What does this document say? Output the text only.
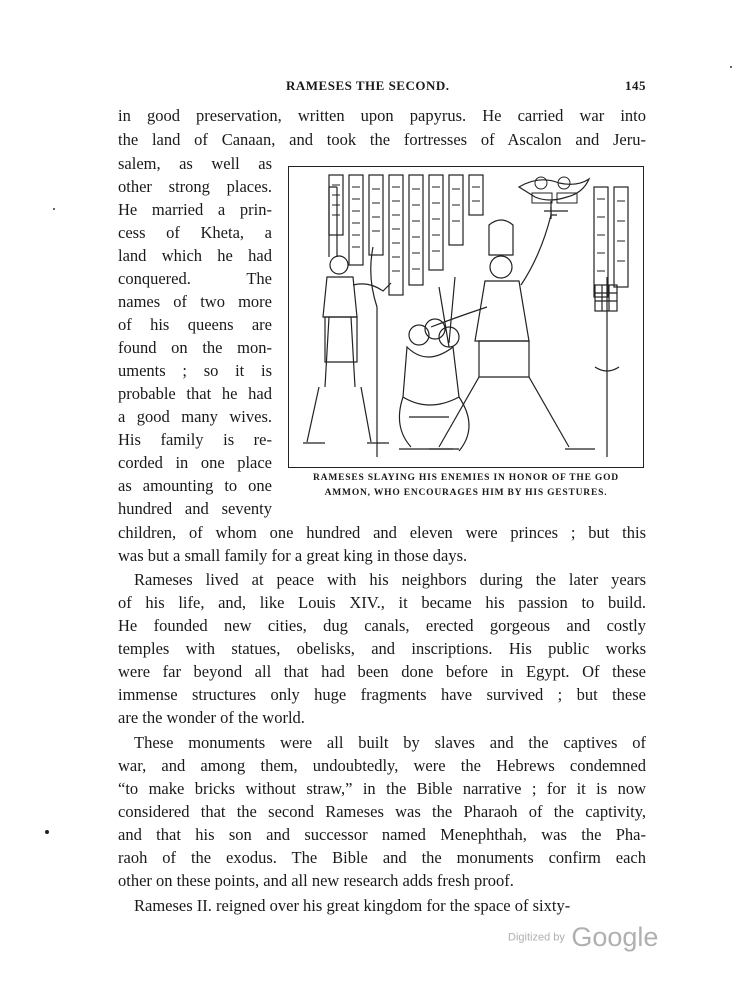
RAMESES THE SECOND.	145
in good preservation, written upon papyrus. He carried war into
the land of Canaan, and took the fortresses of Ascalon and Jeru-
salem, as well as
other strong places.
He married a prin-
cess of Kheta, a
land which he had
conquered. The
names of two more
of his queens are
found on the mon-
uments ; so it is
probable that he had
a good many wives.
His family is re-
corded in one place
as amounting to one
hundred and seventy
children, of whom one hundred and eleven were princes ; but this
was but a small family for a great king in those days.
Rameses lived at peace with his neighbors during the later years
of his life, and, like Louis XIV., it became his passion to build.
He founded new cities, dug canals, erected gorgeous and costly
temples with statues, obelisks, and inscriptions. His public works
were far beyond all that had been done before in Egypt. Of these
immense structures only huge fragments have survived ; but these
are the wonder of the world.
These monuments were all built by slaves and the captives of
war, and among them, undoubtedly, were the Hebrews condemned
“to make bricks without straw,” in the Bible narrative ; for it is now
considered that the second Rameses was the Pharaoh of the captivity,
and that his son and successor named Menephthah, was the Pha-
raoh of the exodus. The Bible and the monuments confirm each
other on these points, and all new research adds fresh proof.
Rameses II. reigned over his great kingdom for the space of sixty-
RAMESES SLAYING HIS ENEMIES IN HONOR OF THE GOD
AMMON, WHO ENCOURAGES HIM BY HIS GESTURES.
Digitized by Google
